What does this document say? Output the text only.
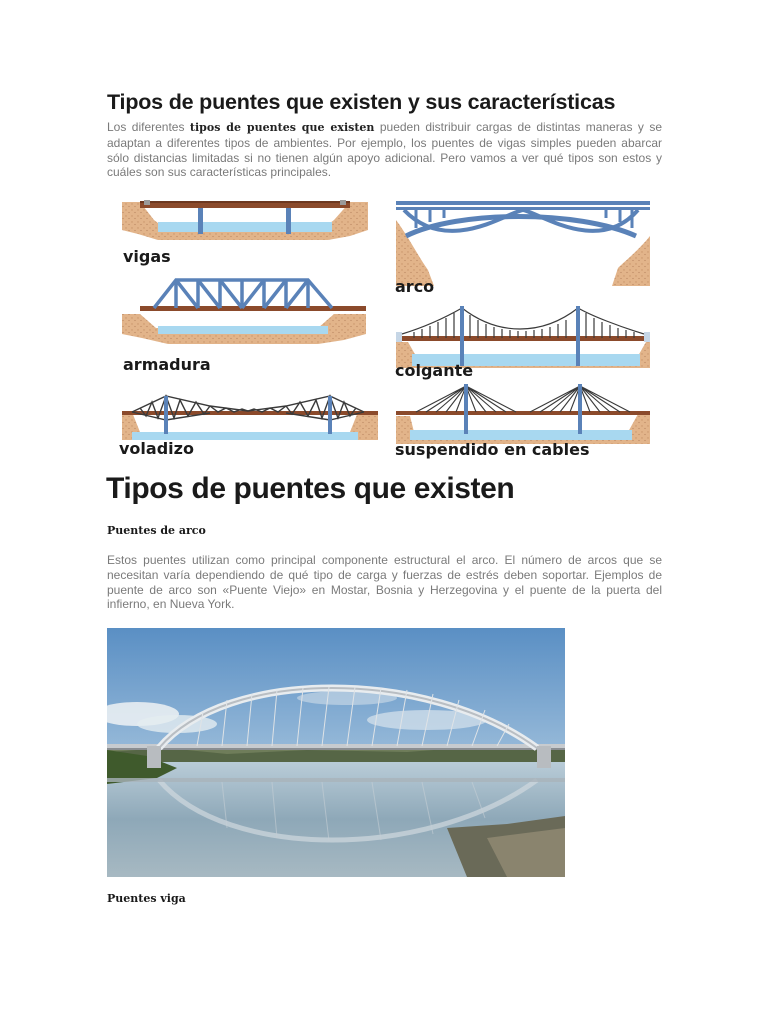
Tipos de puentes que existen y sus características

Los diferentes tipos de puentes que existen pueden distribuir cargas de distintas maneras y se adaptan a diferentes tipos de ambientes. Por ejemplo, los puentes de vigas simples pueden abarcar sólo distancias limitadas si no tienen algún apoyo adicional. Pero vamos a ver qué tipos son estos y cuáles son sus características principales.

vigas
armadura
voladizo
arco
colgante
suspendido en cables
Tipos de puentes que existen

Puentes de arco

Estos puentes utilizan como principal componente estructural el arco. El número de arcos que se necesitan varía dependiendo de qué tipo de carga y fuerzas de estrés deben soportar. Ejemplos de puente de arco son «Puente Viejo» en Mostar, Bosnia y Herzegovina y el puente de la puerta del infierno, en Nueva York.

Puentes viga
